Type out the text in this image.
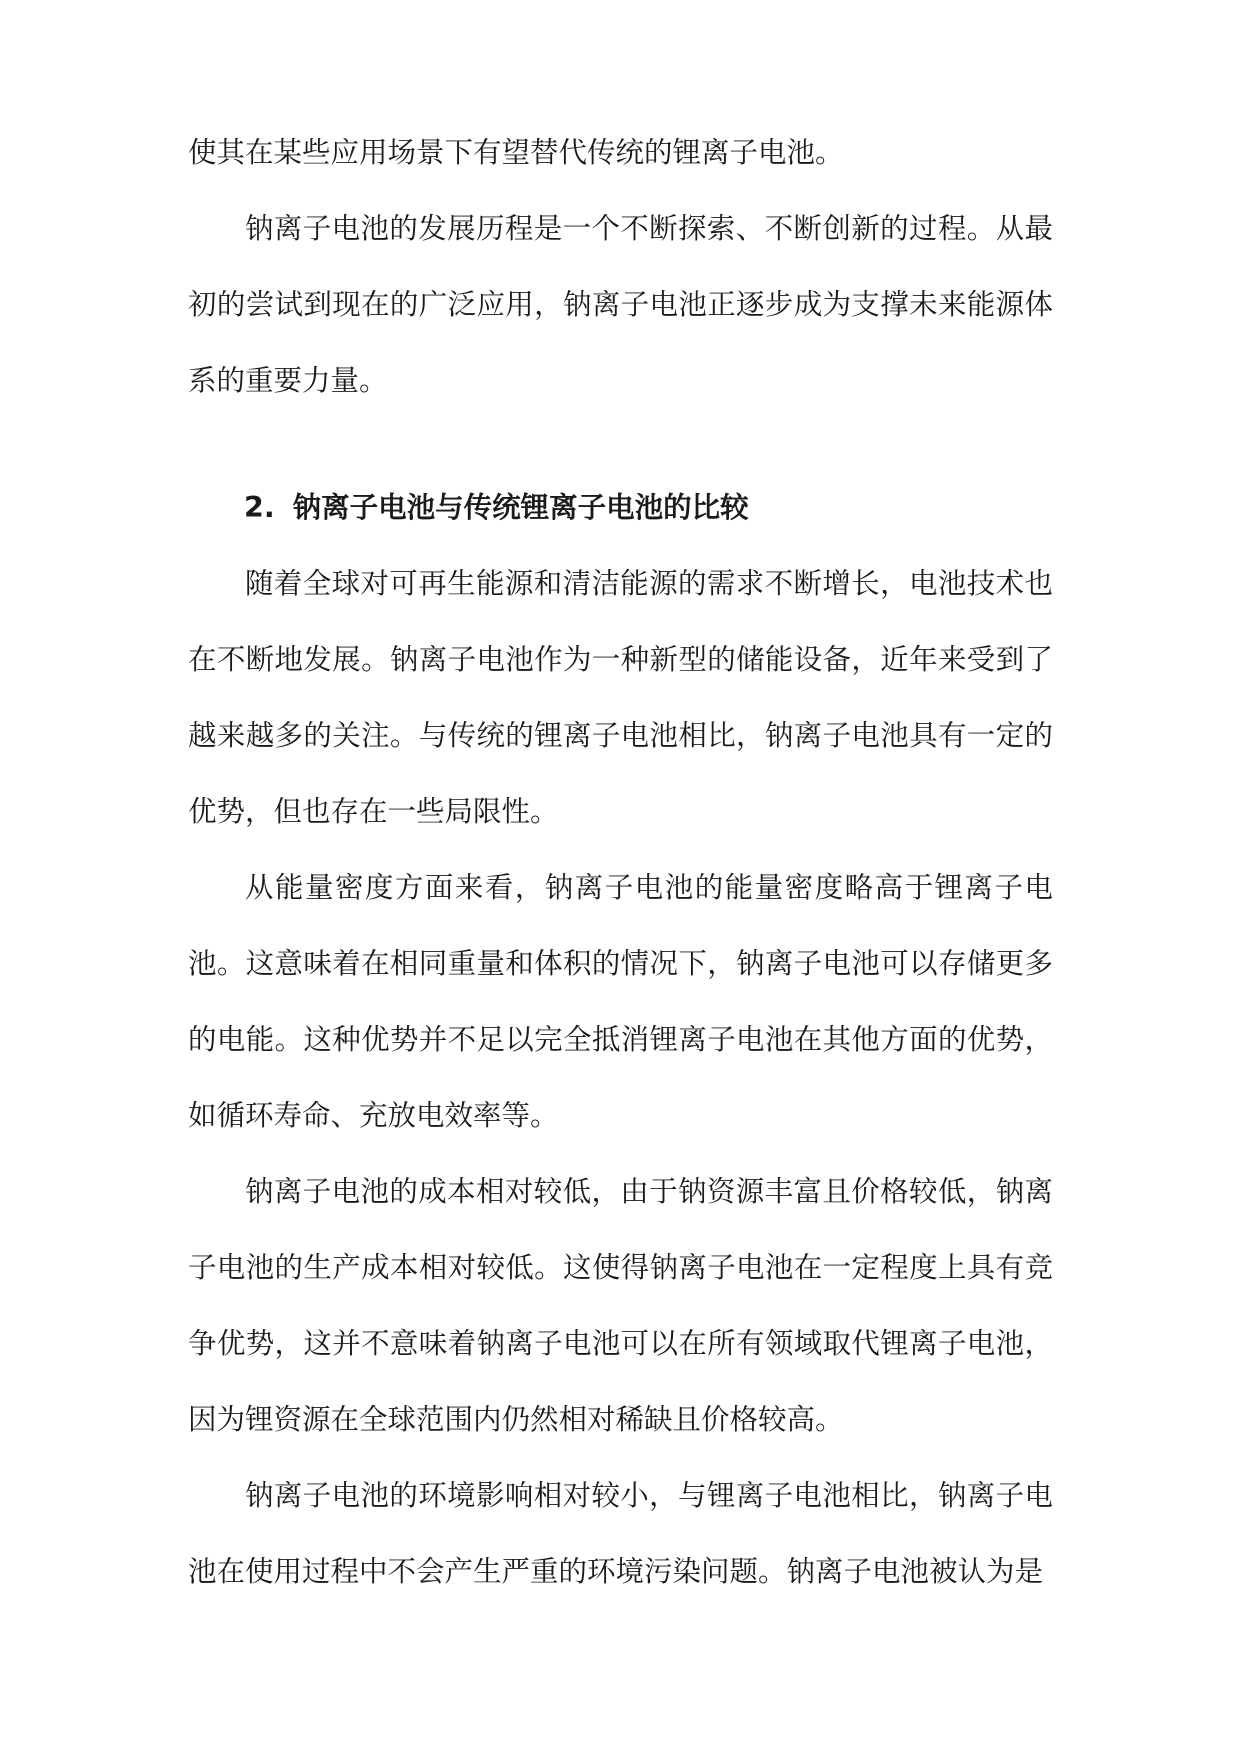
使其在某些应用场景下有望替代传统的锂离子电池。

钠离子电池的发展历程是一个不断探索、不断创新的过程。从最初的尝试到现在的广泛应用，钠离子电池正逐步成为支撑未来能源体系的重要力量。

2. 钠离子电池与传统锂离子电池的比较

随着全球对可再生能源和清洁能源的需求不断增长，电池技术也在不断地发展。钠离子电池作为一种新型的储能设备，近年来受到了越来越多的关注。与传统的锂离子电池相比，钠离子电池具有一定的优势，但也存在一些局限性。

从能量密度方面来看，钠离子电池的能量密度略高于锂离子电池。这意味着在相同重量和体积的情况下，钠离子电池可以存储更多的电能。这种优势并不足以完全抵消锂离子电池在其他方面的优势，如循环寿命、充放电效率等。

钠离子电池的成本相对较低，由于钠资源丰富且价格较低，钠离子电池的生产成本相对较低。这使得钠离子电池在一定程度上具有竞争优势，这并不意味着钠离子电池可以在所有领域取代锂离子电池，因为锂资源在全球范围内仍然相对稀缺且价格较高。

钠离子电池的环境影响相对较小，与锂离子电池相比，钠离子电池在使用过程中不会产生严重的环境污染问题。钠离子电池被认为是
